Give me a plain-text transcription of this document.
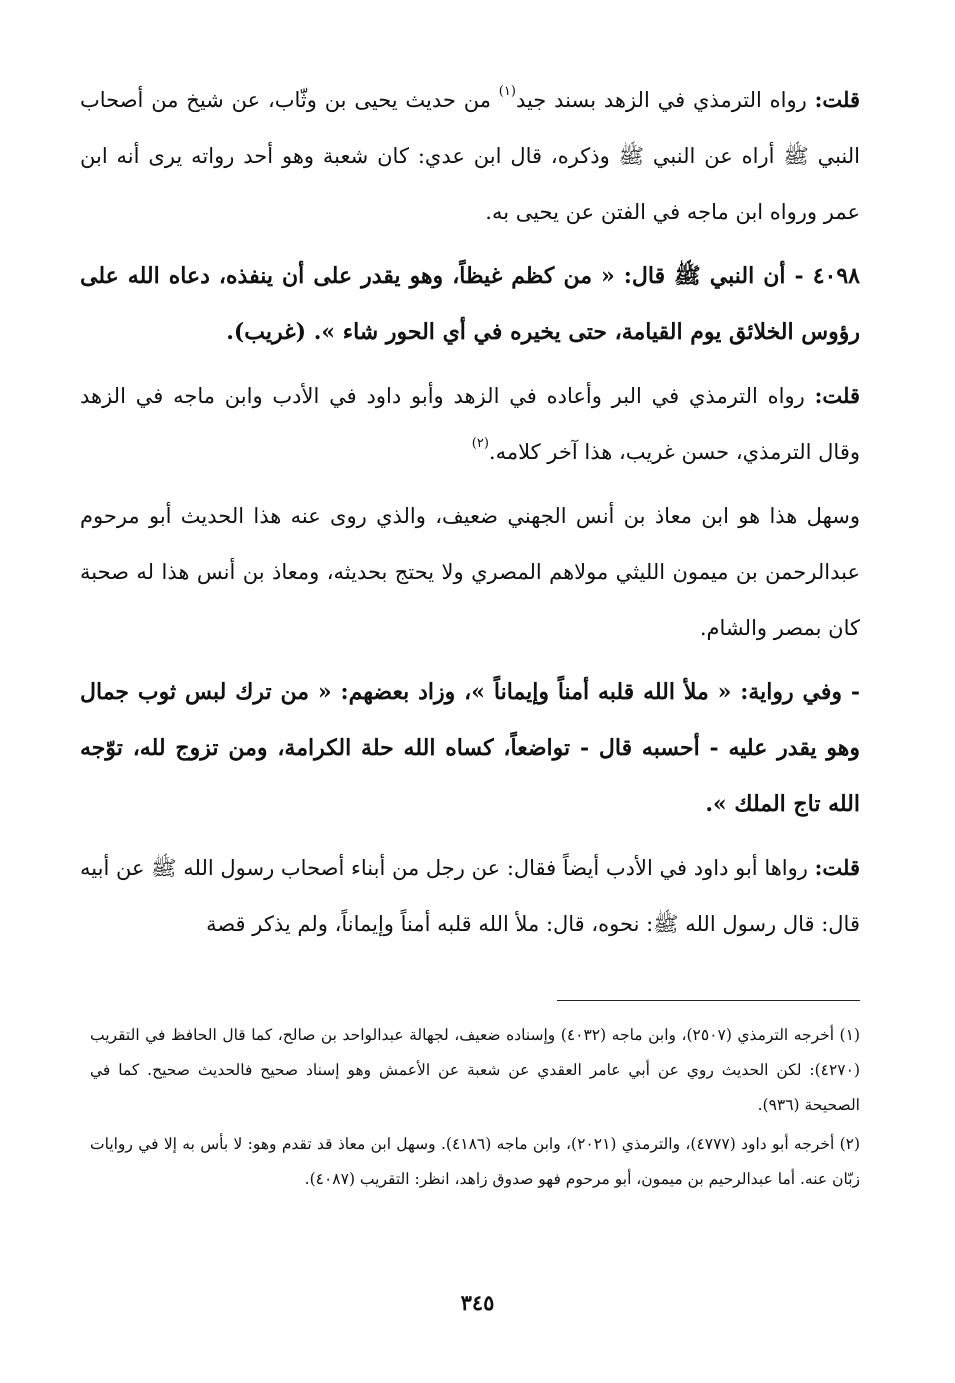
قلت: رواه الترمذي في الزهد بسند جيد$^{(١)}$ من حديث يحيى بن وثّاب، عن شيخ من أصحاب النبي ﷺ أراه عن النبي ﷺ وذكره، قال ابن عدي: كان شعبة وهو أحد رواته يرى أنه ابن عمر ورواه ابن ماجه في الفتن عن يحيى به.

٤٠٩٨ - أن النبي ﷺ قال: « من كظم غيظاً، وهو يقدر على أن ينفذه، دعاه الله على رؤوس الخلائق يوم القيامة، حتى يخيره في أي الحور شاء ». (غريب).

قلت: رواه الترمذي في البر وأعاده في الزهد وأبو داود في الأدب وابن ماجه في الزهد وقال الترمذي، حسن غريب، هذا آخر كلامه.$^{(٢)}$

وسهل هذا هو ابن معاذ بن أنس الجهني ضعيف، والذي روى عنه هذا الحديث أبو مرحوم عبدالرحمن بن ميمون الليثي مولاهم المصري ولا يحتج بحديثه، ومعاذ بن أنس هذا له صحبة كان بمصر والشام.

- وفي رواية: « ملأ الله قلبه أمناً وإيماناً »، وزاد بعضهم: « من ترك لبس ثوب جمال وهو يقدر عليه - أحسبه قال - تواضعاً، كساه الله حلة الكرامة، ومن تزوج لله، توّجه الله تاج الملك ».

قلت: رواها أبو داود في الأدب أيضاً فقال: عن رجل من أبناء أصحاب رسول الله ﷺ عن أبيه قال: قال رسول الله ﷺ: نحوه، قال: ملأ الله قلبه أمناً وإيماناً، ولم يذكر قصة

(١) أخرجه الترمذي (٢٥٠٧)، وابن ماجه (٤٠٣٢) وإسناده ضعيف، لجهالة عبدالواحد بن صالح، كما قال الحافظ في التقريب (٤٢٧٠): لكن الحديث روي عن أبي عامر العقدي عن شعبة عن الأعمش وهو إسناد صحيح فالحديث صحيح. كما في الصحيحة (٩٣٦).

(٢) أخرجه أبو داود (٤٧٧٧)، والترمذي (٢٠٢١)، وابن ماجه (٤١٨٦). وسهل ابن معاذ قد تقدم وهو: لا بأس به إلا في روايات زبّان عنه. أما عبدالرحيم بن ميمون، أبو مرحوم فهو صدوق زاهد، انظر: التقريب (٤٠٨٧).

٣٤٥
